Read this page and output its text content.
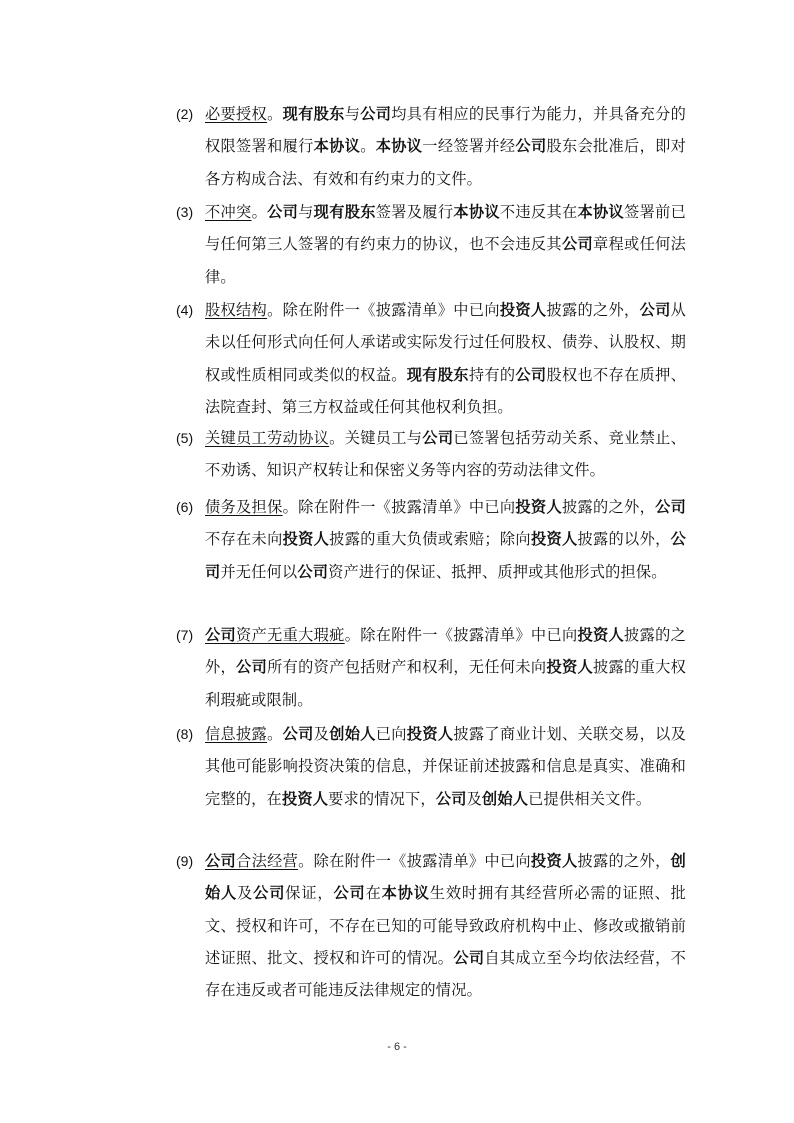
(2) 必要授权。现有股东与公司均具有相应的民事行为能力，并具备充分的权限签署和履行本协议。本协议一经签署并经公司股东会批准后，即对各方构成合法、有效和有约束力的文件。
(3) 不冲突。公司与现有股东签署及履行本协议不违反其在本协议签署前已与任何第三人签署的有约束力的协议，也不会违反其公司章程或任何法律。
(4) 股权结构。除在附件一《披露清单》中已向投资人披露的之外，公司从未以任何形式向任何人承诺或实际发行过任何股权、债券、认股权、期权或性质相同或类似的权益。现有股东持有的公司股权也不存在质押、法院查封、第三方权益或任何其他权利负担。
(5) 关键员工劳动协议。关键员工与公司已签署包括劳动关系、竞业禁止、不劝诱、知识产权转让和保密义务等内容的劳动法律文件。
(6) 债务及担保。除在附件一《披露清单》中已向投资人披露的之外，公司不存在未向投资人披露的重大负债或索赔；除向投资人披露的以外，公司并无任何以公司资产进行的保证、抵押、质押或其他形式的担保。
(7) 公司资产无重大瑕疵。除在附件一《披露清单》中已向投资人披露的之外，公司所有的资产包括财产和权利，无任何未向投资人披露的重大权利瑕疵或限制。
(8) 信息披露。公司及创始人已向投资人披露了商业计划、关联交易，以及其他可能影响投资决策的信息，并保证前述披露和信息是真实、准确和完整的，在投资人要求的情况下，公司及创始人已提供相关文件。
(9) 公司合法经营。除在附件一《披露清单》中已向投资人披露的之外，创始人及公司保证，公司在本协议生效时拥有其经营所必需的证照、批文、授权和许可，不存在已知的可能导致政府机构中止、修改或撤销前述证照、批文、授权和许可的情况。公司自其成立至今均依法经营，不存在违反或者可能违反法律规定的情况。
- 6 -
